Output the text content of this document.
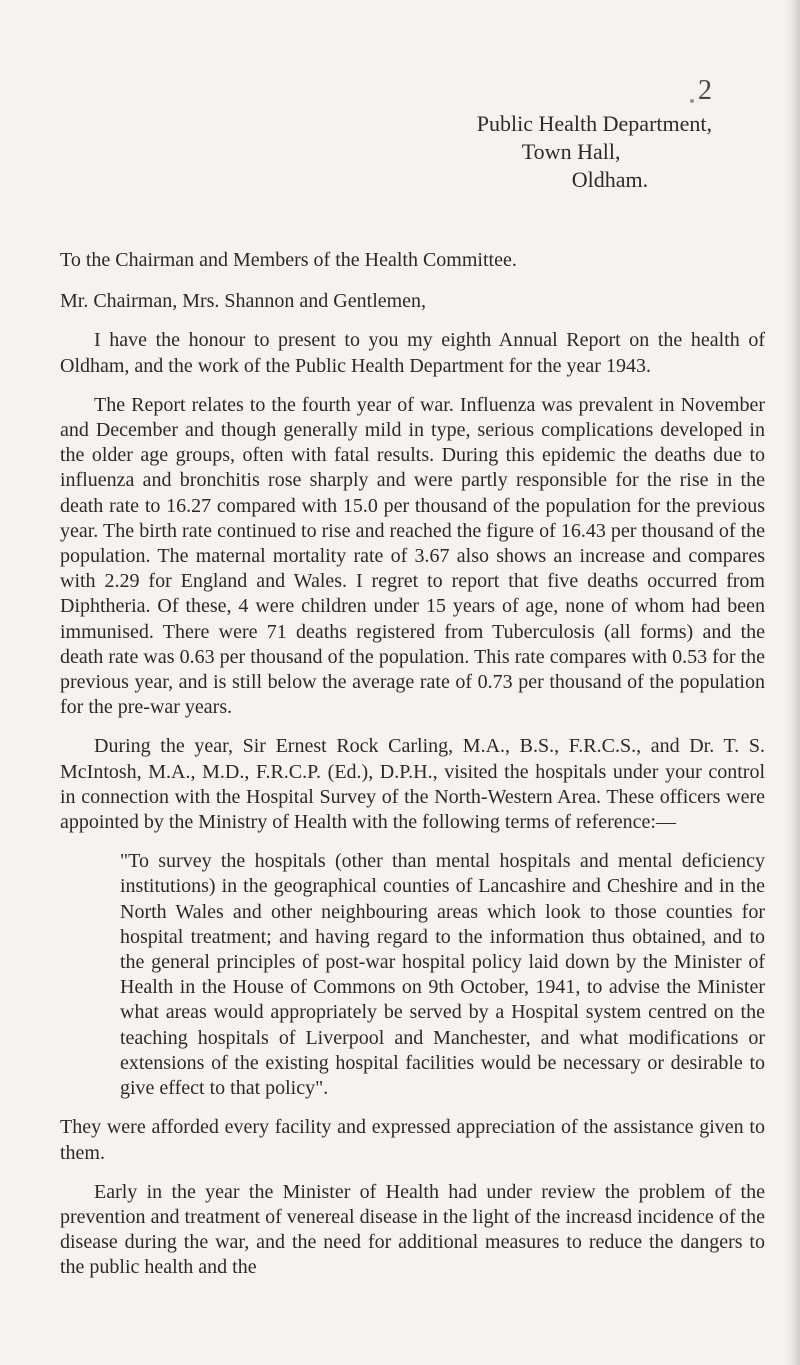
2
Public Health Department,
Town Hall,
Oldham.

To the Chairman and Members of the Health Committee.

Mr. Chairman, Mrs. Shannon and Gentlemen,

I have the honour to present to you my eighth Annual Report on the health of Oldham, and the work of the Public Health Department for the year 1943.

The Report relates to the fourth year of war. Influenza was prevalent in November and December and though generally mild in type, serious complications developed in the older age groups, often with fatal results. During this epidemic the deaths due to influenza and bronchitis rose sharply and were partly responsible for the rise in the death rate to 16.27 compared with 15.0 per thousand of the population for the previous year. The birth rate continued to rise and reached the figure of 16.43 per thousand of the population. The maternal mortality rate of 3.67 also shows an increase and compares with 2.29 for England and Wales. I regret to report that five deaths occurred from Diphtheria. Of these, 4 were children under 15 years of age, none of whom had been immunised. There were 71 deaths registered from Tuberculosis (all forms) and the death rate was 0.63 per thousand of the population. This rate compares with 0.53 for the previous year, and is still below the average rate of 0.73 per thousand of the population for the pre-war years.

During the year, Sir Ernest Rock Carling, M.A., B.S., F.R.C.S., and Dr. T. S. McIntosh, M.A., M.D., F.R.C.P. (Ed.), D.P.H., visited the hospitals under your control in connection with the Hospital Survey of the North-Western Area. These officers were appointed by the Ministry of Health with the following terms of reference:—

"To survey the hospitals (other than mental hospitals and mental deficiency institutions) in the geographical counties of Lancashire and Cheshire and in the North Wales and other neighbouring areas which look to those counties for hospital treatment; and having regard to the information thus obtained, and to the general principles of post-war hospital policy laid down by the Minister of Health in the House of Commons on 9th October, 1941, to advise the Minister what areas would appropriately be served by a Hospital system centred on the teaching hospitals of Liverpool and Manchester, and what modifications or extensions of the existing hospital facilities would be necessary or desirable to give effect to that policy".

They were afforded every facility and expressed appreciation of the assistance given to them.

Early in the year the Minister of Health had under review the problem of the prevention and treatment of venereal disease in the light of the increasd incidence of the disease during the war, and the need for additional measures to reduce the dangers to the public health and the
